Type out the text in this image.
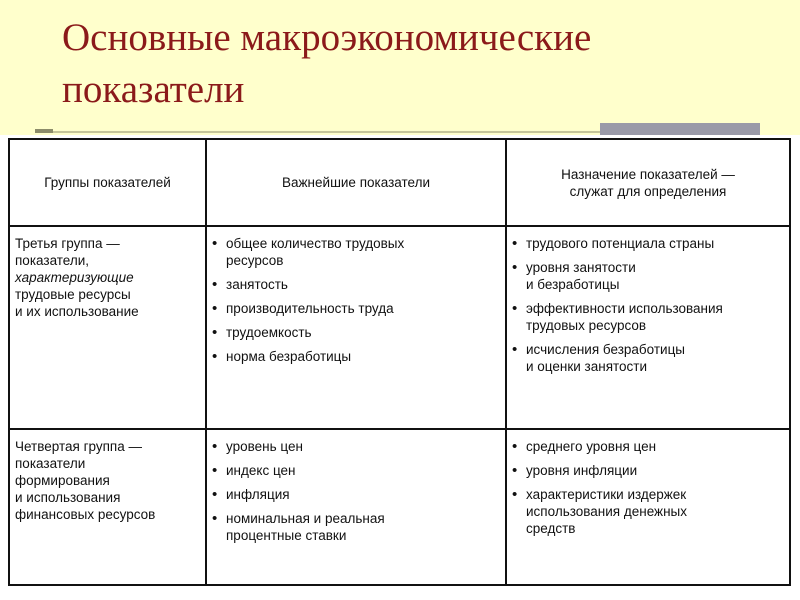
Основные макроэкономические
показатели
Группы показателей	Важнейшие показатели
Назначение показателей —
служат для определения
Третья группа —
показатели,
характеризующие
трудовые ресурсы
и их использование
• общее количество трудовых
ресурсов
• занятость
• производительность труда
• трудоемкость
• норма безработицы
• трудового потенциала страны
• уровня занятости
и безработицы
• эффективности использования
трудовых ресурсов
• исчисления безработицы
и оценки занятости
Четвертая группа —
показатели
формирования
и использования
финансовых ресурсов
• уровень цен
• индекс цен
• инфляция
• номинальная и реальная
процентные ставки
• среднего уровня цен
• уровня инфляции
• характеристики издержек
использования денежных
средств
